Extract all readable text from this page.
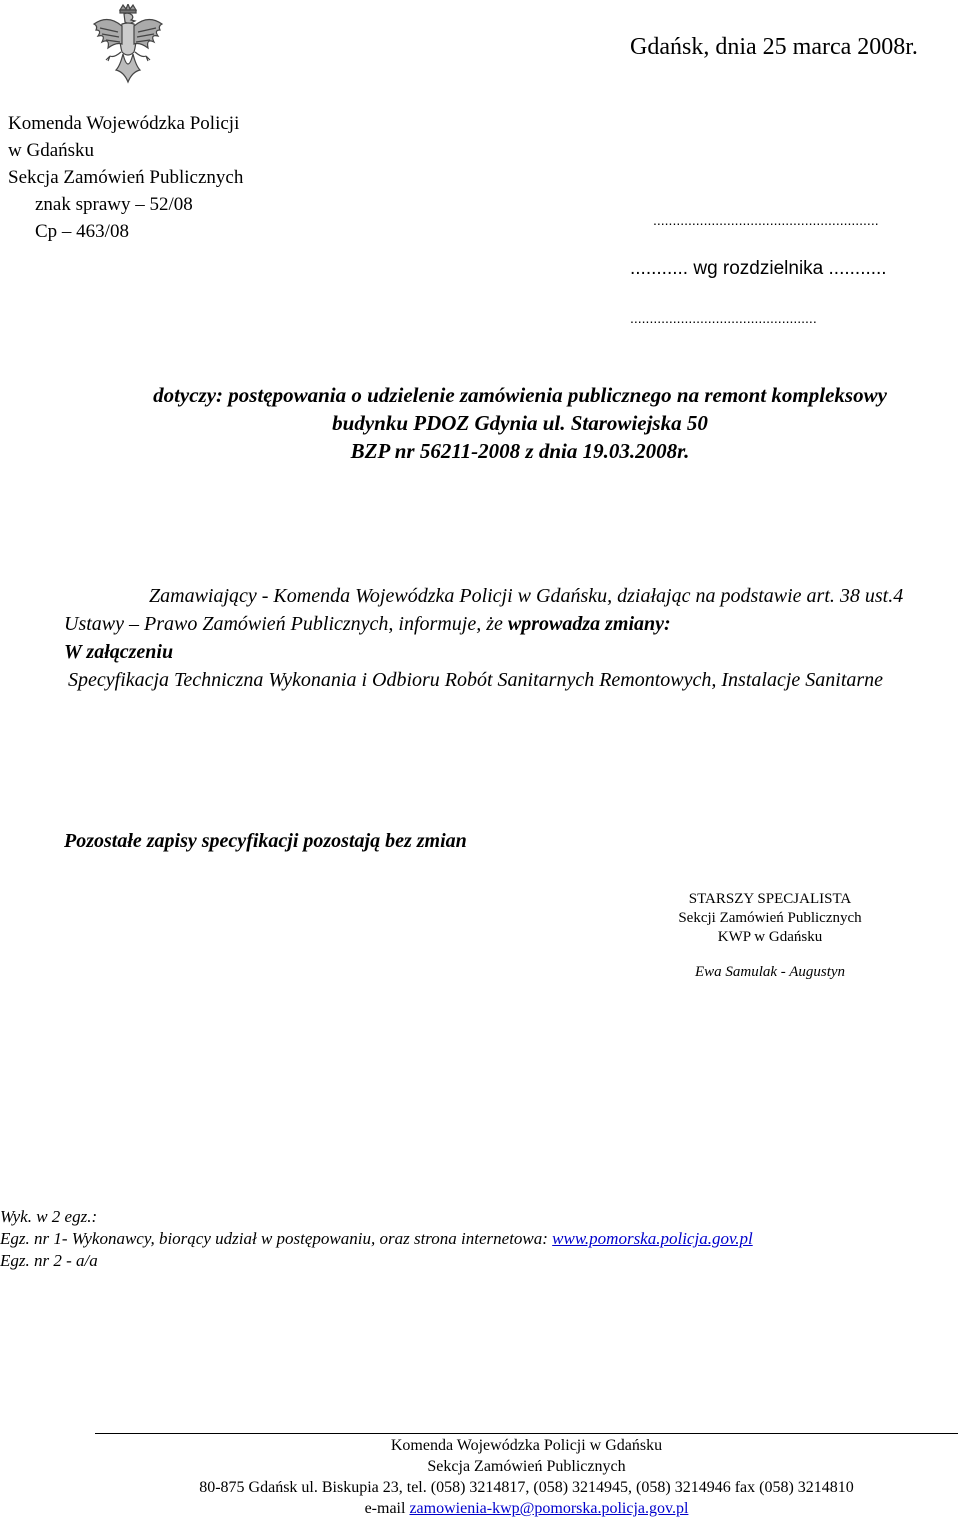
Gdańsk, dnia 25 marca 2008r.
Komenda Wojewódzka Policji
w Gdańsku
Sekcja Zamówień Publicznych
znak sprawy – 52/08
Cp – 463/08
..........................................................
........... wg rozdzielnika ...........
................................................
dotyczy: postępowania o udzielenie zamówienia publicznego na remont kompleksowy
budynku PDOZ Gdynia ul. Starowiejska 50
BZP nr 56211-2008 z dnia 19.03.2008r.
Zamawiający - Komenda Wojewódzka Policji w Gdańsku, działając na podstawie art. 38 ust.4 Ustawy – Prawo Zamówień Publicznych, informuje, że wprowadza zmiany:
W załączeniu
Specyfikacja Techniczna Wykonania i Odbioru Robót Sanitarnych Remontowych, Instalacje Sanitarne
Pozostałe zapisy specyfikacji pozostają bez zmian
STARSZY SPECJALISTA
Sekcji Zamówień Publicznych
KWP w Gdańsku
Ewa Samulak - Augustyn
Wyk. w 2 egz.:
Egz. nr 1- Wykonawcy, biorący udział w postępowaniu, oraz strona internetowa: www.pomorska.policja.gov.pl
Egz. nr 2 - a/a
Komenda Wojewódzka Policji w Gdańsku
Sekcja Zamówień Publicznych
80-875 Gdańsk ul. Biskupia 23, tel. (058) 3214817, (058) 3214945, (058) 3214946 fax (058) 3214810
e-mail zamowienia-kwp@pomorska.policja.gov.pl
